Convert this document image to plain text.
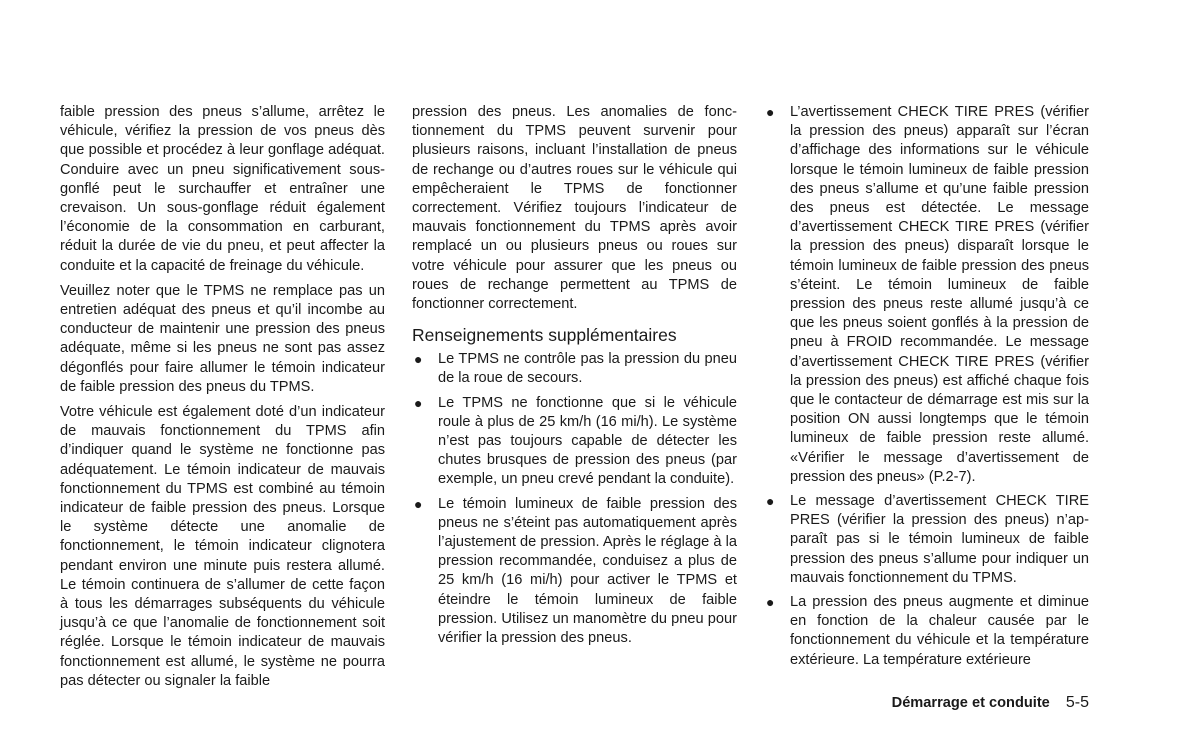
faible pression des pneus s’allume, arrêtez le véhicule, vérifiez la pression de vos pneus dès que possible et procédez à leur gonflage adéquat. Conduire avec un pneu significativement sous-gonflé peut le surchauffer et entraîner une crevaison. Un sous-gonflage réduit également l’économie de la consommation en carburant, réduit la durée de vie du pneu, et peut affecter la conduite et la capacité de freinage du véhicule.

Veuillez noter que le TPMS ne remplace pas un entretien adéquat des pneus et qu’il incombe au conducteur de maintenir une pression des pneus adéquate, même si les pneus ne sont pas assez dégonflés pour faire allumer le témoin indicateur de faible pression des pneus du TPMS.

Votre véhicule est également doté d’un indicateur de mauvais fonctionnement du TPMS afin d’indiquer quand le système ne fonctionne pas adéquatement. Le témoin indicateur de mauvais fonctionnement du TPMS est combiné au témoin indicateur de faible pression des pneus. Lorsque le système détecte une anomalie de fonctionnement, le témoin indicateur clignotera pendant environ une minute puis restera allumé. Le témoin continuera de s’allumer de cette façon à tous les démarrages subséquents du véhicule jusqu’à ce que l’anomalie de fonctionnement soit réglée. Lorsque le témoin indicateur de mauvais fonctionnement est allumé, le système ne pourra pas détecter ou signaler la faible

pression des pneus. Les anomalies de fonctionnement du TPMS peuvent survenir pour plusieurs raisons, incluant l’installation de pneus de rechange ou d’autres roues sur le véhicule qui empêcheraient le TPMS de fonctionner correctement. Vérifiez toujours l’indicateur de mauvais fonctionnement du TPMS après avoir remplacé un ou plusieurs pneus ou roues sur votre véhicule pour assurer que les pneus ou roues de rechange permettent au TPMS de fonctionner correctement.

Renseignements supplémentaires
● Le TPMS ne contrôle pas la pression du pneu de la roue de secours.
● Le TPMS ne fonctionne que si le véhicule roule à plus de 25 km/h (16 mi/h). Le système n’est pas toujours capable de détecter les chutes brusques de pression des pneus (par exemple, un pneu crevé pendant la conduite).
● Le témoin lumineux de faible pression des pneus ne s’éteint pas automatiquement après l’ajustement de pression. Après le réglage à la pression recommandée, conduisez a plus de 25 km/h (16 mi/h) pour activer le TPMS et éteindre le témoin lumineux de faible pression. Utilisez un manomètre du pneu pour vérifier la pression des pneus.
● L’avertissement CHECK TIRE PRES (vérifier la pression des pneus) apparaît sur l’écran d’affichage des informations sur le véhicule lorsque le témoin lumineux de faible pression des pneus s’allume et qu’une faible pression des pneus est détectée. Le message d’avertissement CHECK TIRE PRES (vérifier la pression des pneus) disparaît lorsque le témoin lumineux de faible pression des pneus s’éteint. Le témoin lumineux de faible pression des pneus reste allumé jusqu’à ce que les pneus soient gonflés à la pression de pneu à FROID recommandée. Le message d’avertissement CHECK TIRE PRES (vérifier la pression des pneus) est affiché chaque fois que le contacteur de démarrage est mis sur la position ON aussi longtemps que le témoin lumineux de faible pression reste allumé. «Vérifier le message d’avertissement de pression des pneus» (P.2-7).
● Le message d’avertissement CHECK TIRE PRES (vérifier la pression des pneus) n’apparaît pas si le témoin lumineux de faible pression des pneus s’allume pour indiquer un mauvais fonctionnement du TPMS.
● La pression des pneus augmente et diminue en fonction de la chaleur causée par le fonctionnement du véhicule et la température extérieure. La température extérieure
Démarrage et conduite 5-5
